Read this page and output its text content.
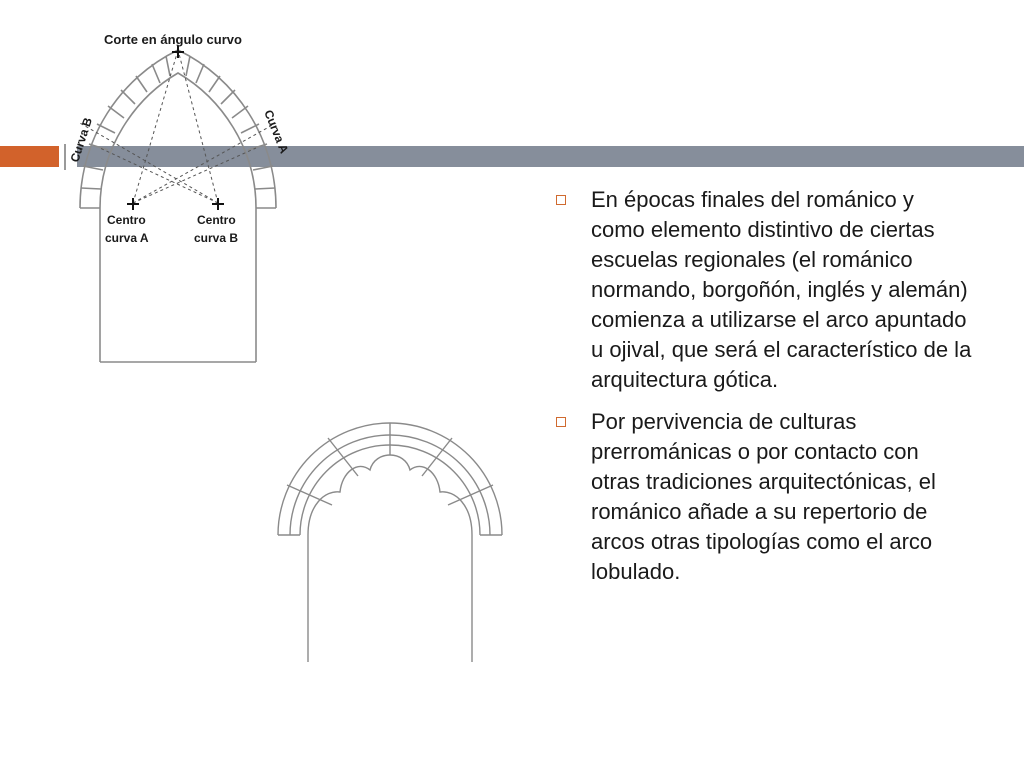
Corte en ángulo curvo
Curva B	Curva A
Centro
curva A
Centro
curva B
En épocas finales del románico y como elemento distintivo de ciertas escuelas regionales (el románico normando, borgoñón, inglés y alemán) comienza a utilizarse el arco apuntado u ojival, que será el característico de la arquitectura gótica.
Por pervivencia de culturas prerrománicas o por contacto con otras tradiciones arquitectónicas, el románico añade a su repertorio de arcos otras tipologías como el arco lobulado.
